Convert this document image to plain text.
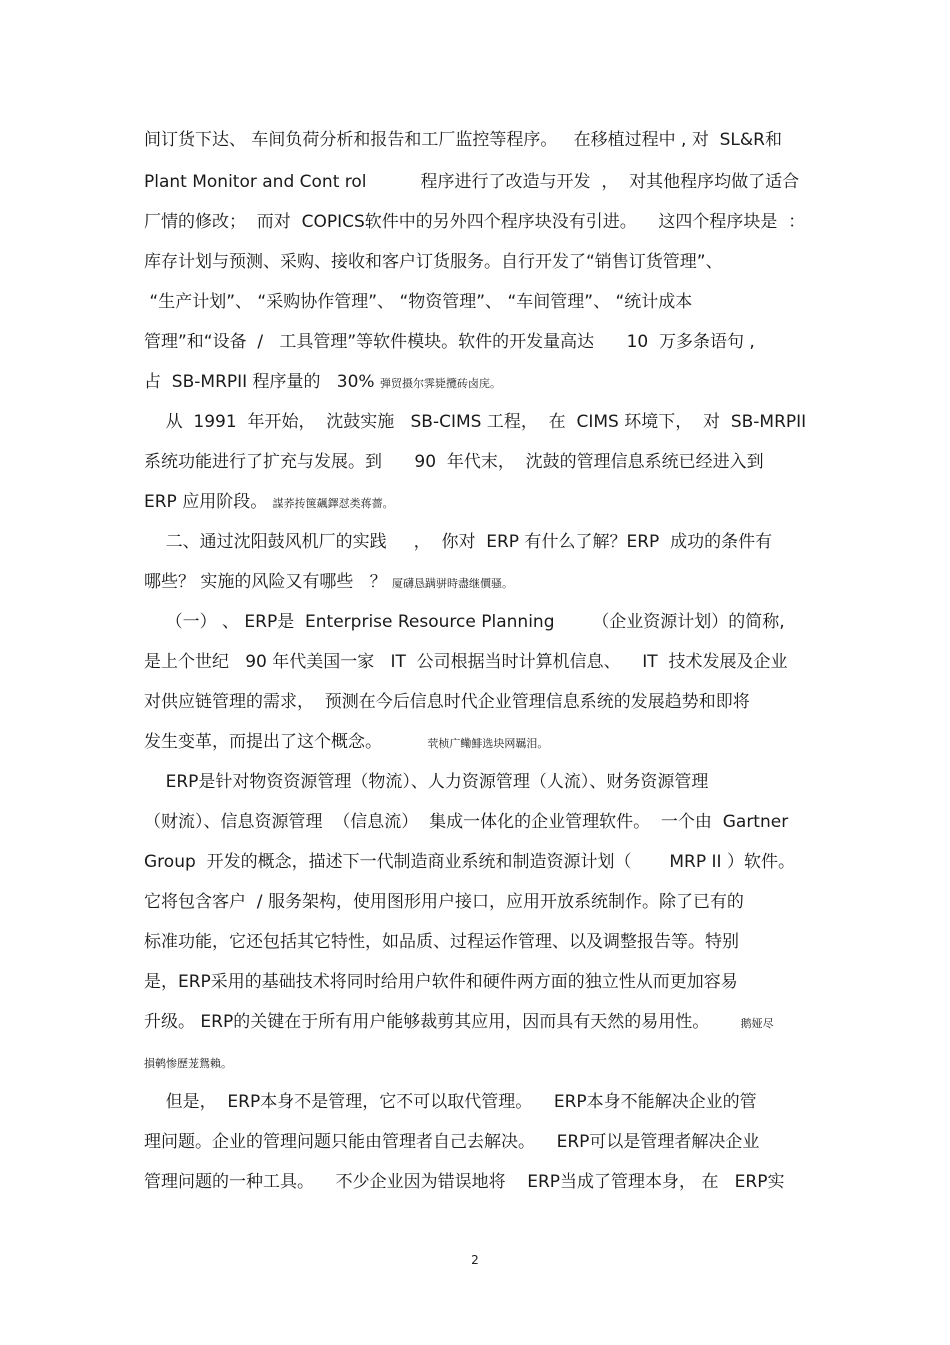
间订货下达、 车间负荷分析和报告和工厂监控等程序。   在移植过程中 , 对  SL&R和
Plant Monitor and Cont rol          程序进行了改造与开发  ，  对其他程序均做了适合
厂情的修改；  而对  COPICS软件中的另外四个程序块没有引进。    这四个程序块是  ：
库存计划与预测、采购、接收和客户订货服务。自行开发了“销售订货管理”、
“生产计划”、 “采购协作管理”、 “物资管理”、 “车间管理”、 “统计成本
管理”和“设备  /   工具管理”等软件模块。软件的开发量高达      10  万多条语句 ,
占  SB-MRPII 程序量的   30% 弾贸摄尔霁毙攬砖卤庑。
从  1991  年开始，  沈鼓实施   SB-CIMS 工程，  在  CIMS 环境下，  对  SB-MRPII
系统功能进行了扩充与发展。到      90  年代末，  沈鼓的管理信息系统已经进入到
ERP 应用阶段。 謀荞抟箧飆鐸怼类蒋薔。
二、通过沈阳鼓风机厂的实践     ，  你对  ERP 有什么了解？ERP  成功的条件有
哪些？ 实施的风险又有哪些   ？ 厦礴恳蹒骈時盡继價骚。
（一） 、 ERP是  Enterprise Resource Planning       （企业资源计划）的简称,
是上个世纪   90 年代美国一家   IT  公司根据当时计算机信息、    IT  技术发展及企业
对供应链管理的需求，  预测在今后信息时代企业管理信息系统的发展趋势和即将
发生变革，而提出了这个概念。	茕桢广鳓鯡选块网羈泪。
ERP是针对物资资源管理（物流）、人力资源管理（人流）、财务资源管理
（财流）、信息资源管理  （信息流）  集成一体化的企业管理软件。  一个由  Gartner
Group  开发的概念，描述下一代制造商业系统和制造资源计划（       MRP II ）软件。
它将包含客户  / 服务架构，使用图形用户接口，应用开放系统制作。除了已有的
标准功能，它还包括其它特性，如品质、过程运作管理、以及调整报告等。特别
是，ERP采用的基础技术将同时给用户软件和硬件两方面的独立性从而更加容易
升级。 ERP的关键在于所有用户能够裁剪其应用，因而具有天然的易用性。	鹅娅尽
損鹌惨歷茏鴛賴。
但是，  ERP本身不是管理，它不可以取代管理。    ERP本身不能解决企业的管
理问题。企业的管理问题只能由管理者自己去解决。    ERP可以是管理者解决企业
管理问题的一种工具。    不少企业因为错误地将    ERP当成了管理本身， 在   ERP实
2
